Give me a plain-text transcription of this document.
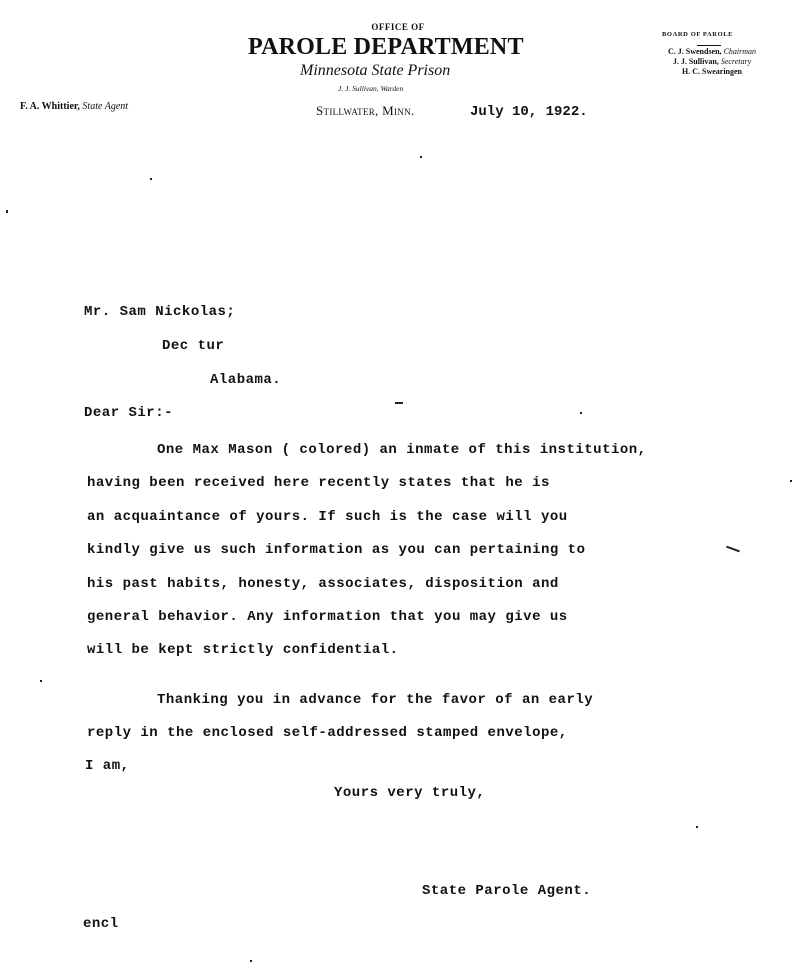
OFFICE OF
PAROLE DEPARTMENT
Minnesota State Prison
J. J. Sullivan, Warden
Stillwater, Minn.	July 10, 1922.
F. A. Whittier, State Agent
BOARD OF PAROLE
C. J. Swendsen, Chairman
J. J. Sullivan, Secretary
H. C. Swearingen
Mr. Sam Nickolas;
Dec tur
Alabama.
Dear Sir:-
One Max Mason ( colored) an inmate of this institution,
having been received here recently states that he is
an acquaintance of yours. If such is the case will you
kindly give us such information as you can pertaining to
his past habits, honesty, associates, disposition and
general behavior. Any information that you may give us
will be kept strictly confidential.
Thanking you in advance for the favor of an early
reply in the enclosed self-addressed stamped envelope,
I am,
Yours very truly,
State Parole Agent.
encl
